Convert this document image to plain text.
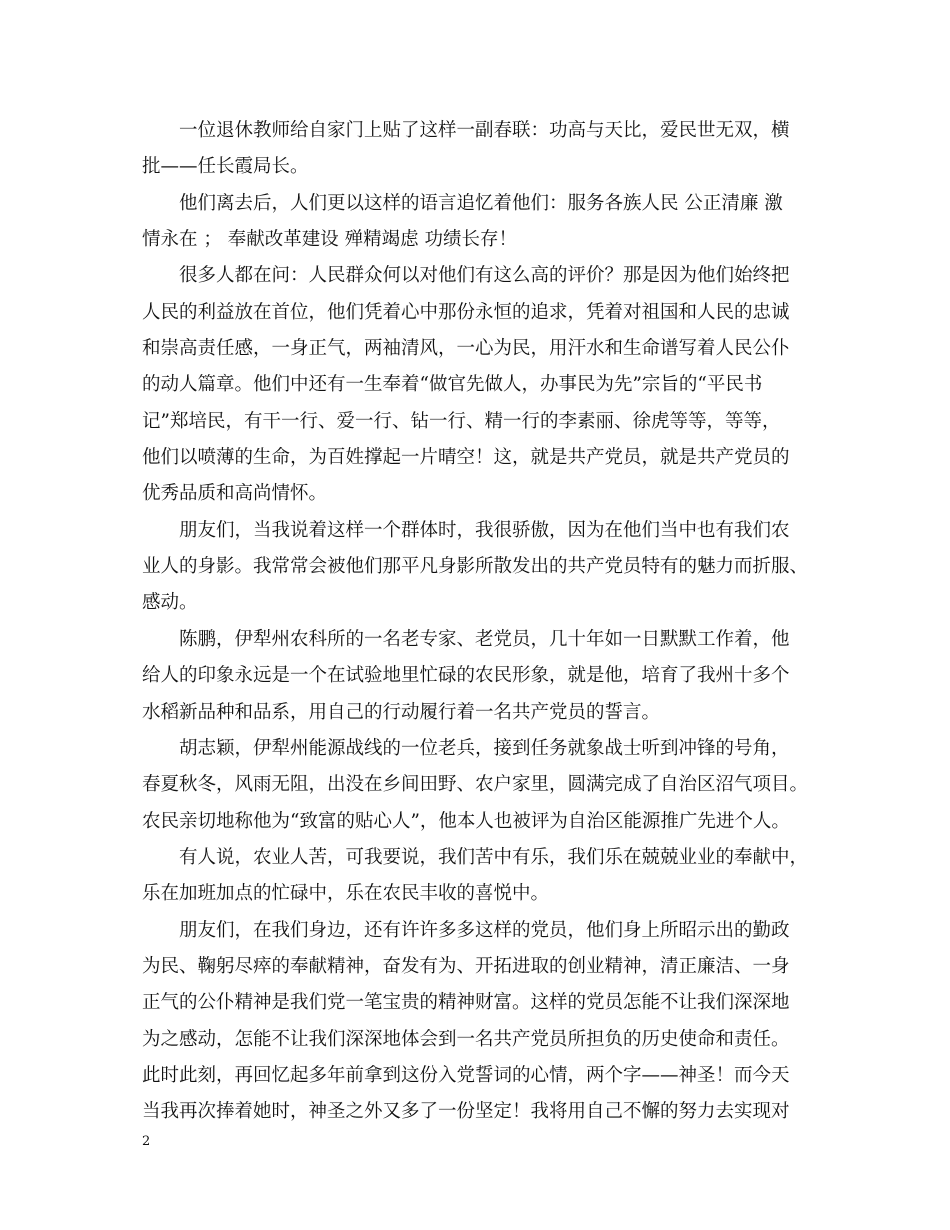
一位退休教师给自家门上贴了这样一副春联：功高与天比，爱民世无双，横
批——任长霞局长。
他们离去后，人们更以这样的语言追忆着他们：服务各族人民 公正清廉 激
情永在 ； 奉献改革建设 殚精竭虑 功绩长存！
很多人都在问：人民群众何以对他们有这么高的评价？那是因为他们始终把
人民的利益放在首位，他们凭着心中那份永恒的追求，凭着对祖国和人民的忠诚
和崇高责任感，一身正气，两袖清风，一心为民，用汗水和生命谱写着人民公仆
的动人篇章。他们中还有一生奉着“做官先做人，办事民为先”宗旨的“平民书
记”郑培民，有干一行、爱一行、钻一行、精一行的李素丽、徐虎等等，等等，
他们以喷薄的生命，为百姓撑起一片晴空！这，就是共产党员，就是共产党员的
优秀品质和高尚情怀。
朋友们，当我说着这样一个群体时，我很骄傲，因为在他们当中也有我们农
业人的身影。我常常会被他们那平凡身影所散发出的共产党员特有的魅力而折服、
感动。
陈鹏，伊犁州农科所的一名老专家、老党员，几十年如一日默默工作着，他
给人的印象永远是一个在试验地里忙碌的农民形象，就是他，培育了我州十多个
水稻新品种和品系，用自己的行动履行着一名共产党员的誓言。
胡志颖，伊犁州能源战线的一位老兵，接到任务就象战士听到冲锋的号角，
春夏秋冬，风雨无阻，出没在乡间田野、农户家里，圆满完成了自治区沼气项目。
农民亲切地称他为“致富的贴心人”，他本人也被评为自治区能源推广先进个人。
有人说，农业人苦，可我要说，我们苦中有乐，我们乐在兢兢业业的奉献中，
乐在加班加点的忙碌中，乐在农民丰收的喜悦中。
朋友们，在我们身边，还有许许多多这样的党员，他们身上所昭示出的勤政
为民、鞠躬尽瘁的奉献精神，奋发有为、开拓进取的创业精神，清正廉洁、一身
正气的公仆精神是我们党一笔宝贵的精神财富。这样的党员怎能不让我们深深地
为之感动，怎能不让我们深深地体会到一名共产党员所担负的历史使命和责任。
此时此刻，再回忆起多年前拿到这份入党誓词的心情，两个字——神圣！而今天
当我再次捧着她时，神圣之外又多了一份坚定！我将用自己不懈的努力去实现对
2
